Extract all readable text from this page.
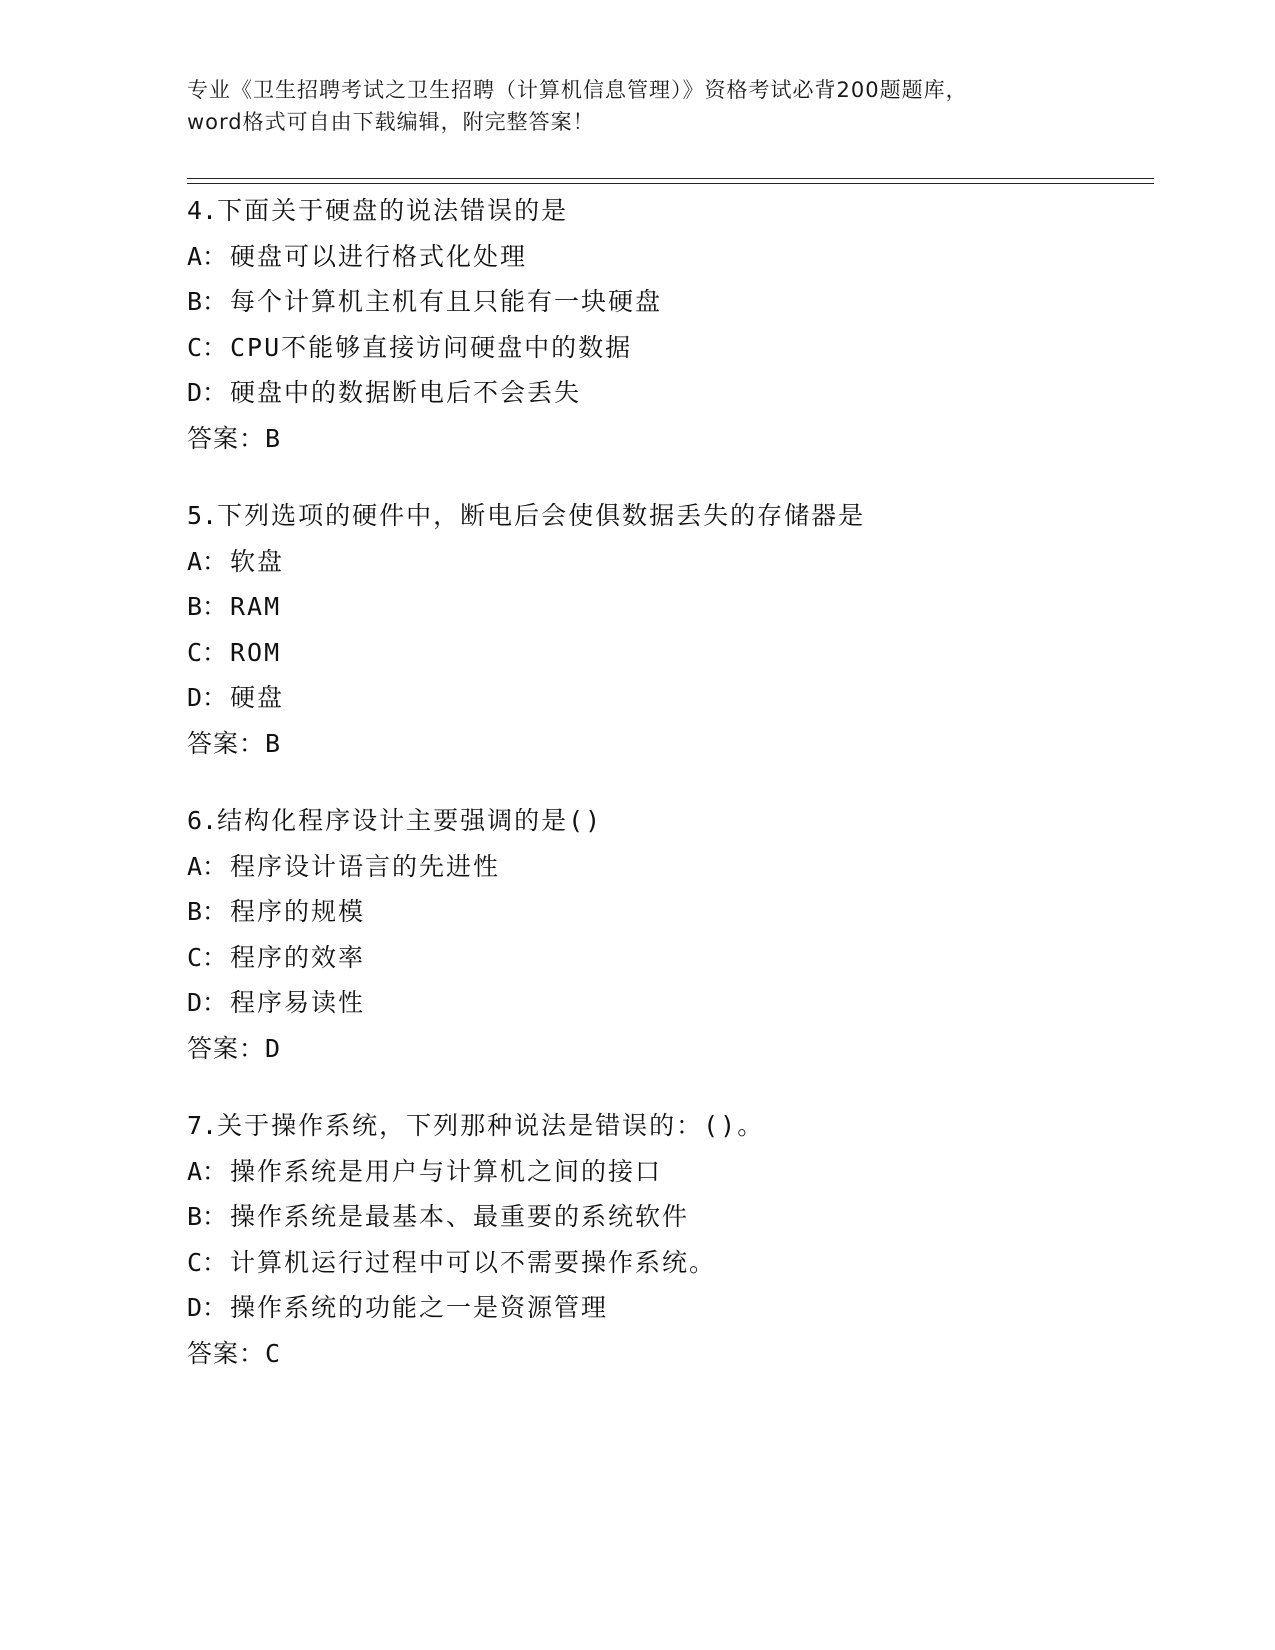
专业《卫生招聘考试之卫生招聘（计算机信息管理）》资格考试必背200题题库，
word格式可自由下载编辑，附完整答案！
4.下面关于硬盘的说法错误的是
A： 硬盘可以进行格式化处理
B： 每个计算机主机有且只能有一块硬盘
C： CPU不能够直接访问硬盘中的数据
D： 硬盘中的数据断电后不会丢失
答案：B
5.下列选项的硬件中，断电后会使俱数据丢失的存储器是
A： 软盘
B： RAM
C： ROM
D： 硬盘
答案：B
6.结构化程序设计主要强调的是()
A： 程序设计语言的先进性
B： 程序的规模
C： 程序的效率
D： 程序易读性
答案：D
7.关于操作系统，下列那种说法是错误的：()。
A： 操作系统是用户与计算机之间的接口
B： 操作系统是最基本、最重要的系统软件
C： 计算机运行过程中可以不需要操作系统。
D： 操作系统的功能之一是资源管理
答案：C
